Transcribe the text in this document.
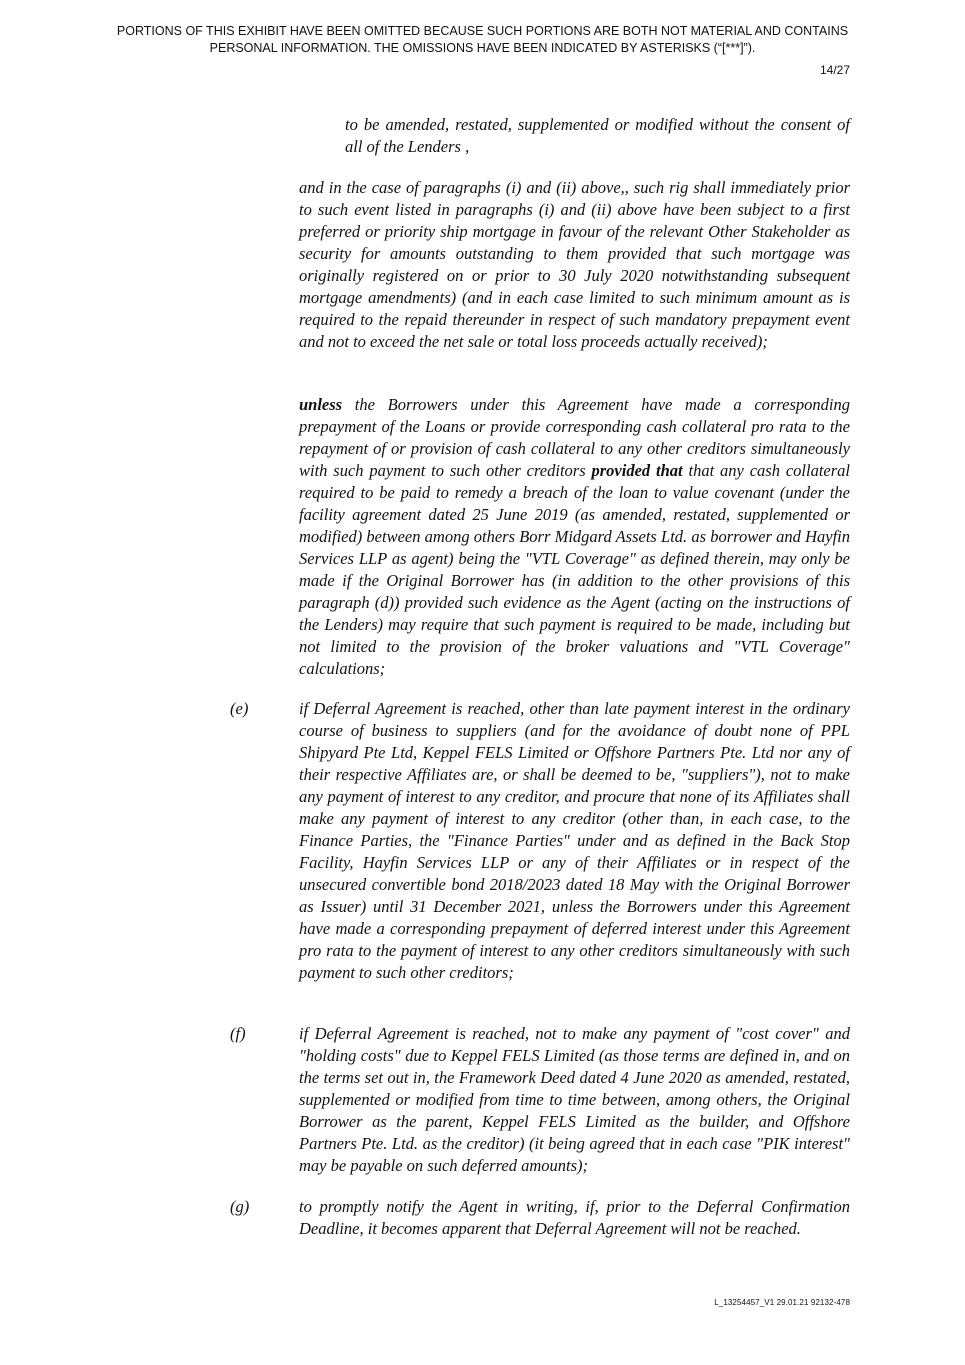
PORTIONS OF THIS EXHIBIT HAVE BEEN OMITTED BECAUSE SUCH PORTIONS ARE BOTH NOT MATERIAL AND CONTAINS PERSONAL INFORMATION. THE OMISSIONS HAVE BEEN INDICATED BY ASTERISKS (“[***]”).
14/27

to be amended, restated, supplemented or modified without the consent of all of the Lenders ,

and in the case of paragraphs (i) and (ii) above,, such rig shall immediately prior to such event listed in paragraphs (i) and (ii) above have been subject to a first preferred or priority ship mortgage in favour of the relevant Other Stakeholder as security for amounts outstanding to them provided that such mortgage was originally registered on or prior to 30 July 2020 notwithstanding subsequent mortgage amendments) (and in each case limited to such minimum amount as is required to the repaid thereunder in respect of such mandatory prepayment event and not to exceed the net sale or total loss proceeds actually received);

unless the Borrowers under this Agreement have made a corresponding prepayment of the Loans or provide corresponding cash collateral pro rata to the repayment of or provision of cash collateral to any other creditors simultaneously with such payment to such other creditors provided that that any cash collateral required to be paid to remedy a breach of the loan to value covenant (under the facility agreement dated 25 June 2019 (as amended, restated, supplemented or modified) between among others Borr Midgard Assets Ltd. as borrower and Hayfin Services LLP as agent) being the "VTL Coverage" as defined therein, may only be made if the Original Borrower has (in addition to the other provisions of this paragraph (d)) provided such evidence as the Agent (acting on the instructions of the Lenders) may require that such payment is required to be made, including but not limited to the provision of the broker valuations and "VTL Coverage" calculations;

(e)	if Deferral Agreement is reached, other than late payment interest in the ordinary course of business to suppliers (and for the avoidance of doubt none of PPL Shipyard Pte Ltd, Keppel FELS Limited or Offshore Partners Pte. Ltd nor any of their respective Affiliates are, or shall be deemed to be, "suppliers"), not to make any payment of interest to any creditor, and procure that none of its Affiliates shall make any payment of interest to any creditor (other than, in each case, to the Finance Parties, the "Finance Parties" under and as defined in the Back Stop Facility, Hayfin Services LLP or any of their Affiliates or in respect of the unsecured convertible bond 2018/2023 dated 18 May with the Original Borrower as Issuer) until 31 December 2021, unless the Borrowers under this Agreement have made a corresponding prepayment of deferred interest under this Agreement pro rata to the payment of interest to any other creditors simultaneously with such payment to such other creditors;

(f)	if Deferral Agreement is reached, not to make any payment of "cost cover" and "holding costs" due to Keppel FELS Limited (as those terms are defined in, and on the terms set out in, the Framework Deed dated 4 June 2020 as amended, restated, supplemented or modified from time to time between, among others, the Original Borrower as the parent, Keppel FELS Limited as the builder, and Offshore Partners Pte. Ltd. as the creditor) (it being agreed that in each case "PIK interest" may be payable on such deferred amounts);

(g)	to promptly notify the Agent in writing, if, prior to the Deferral Confirmation Deadline, it becomes apparent that Deferral Agreement will not be reached.

L_13254457_V1 29.01.21 92132-478
